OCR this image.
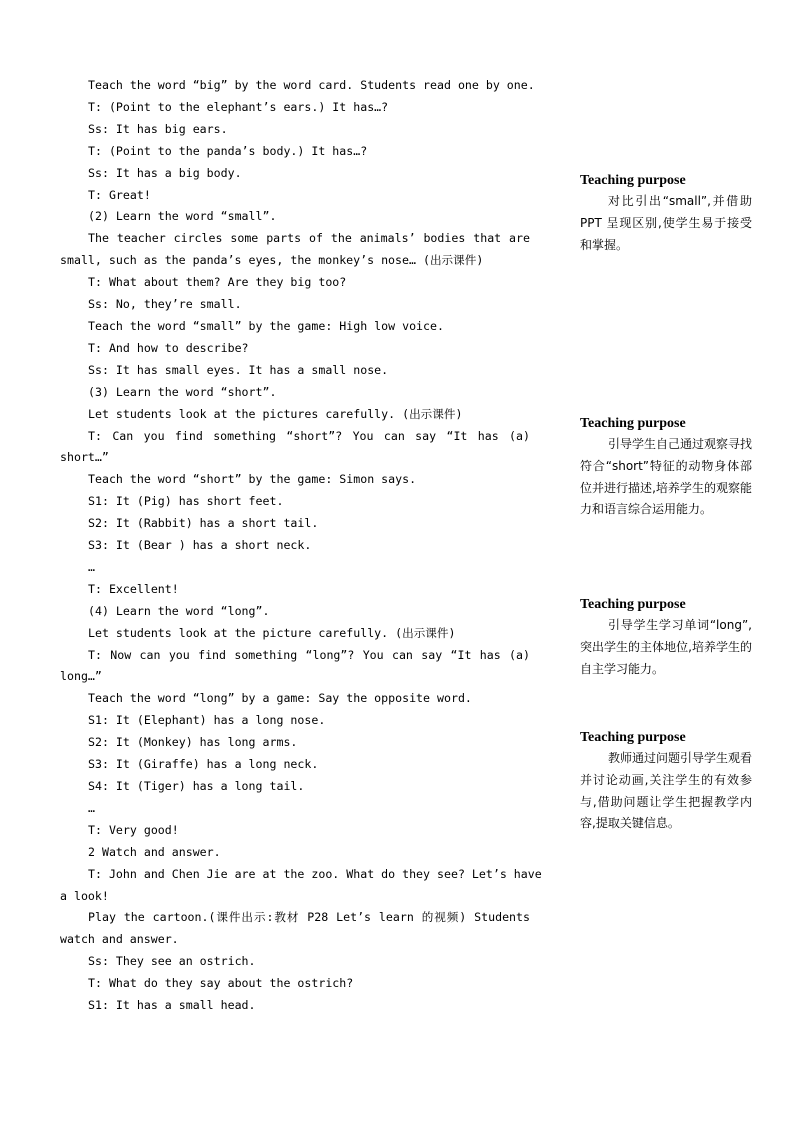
Teach the word “big” by the word card. Students read one by one.
T: (Point to the elephant’s ears.) It has…?
Ss: It has big ears.
T: (Point to the panda’s body.) It has…?
Ss: It has a big body.
T: Great!
(2) Learn the word “small”.
The teacher circles some parts of the animals’ bodies that are
small, such as the panda’s eyes, the monkey’s nose… (出示课件)
T: What about them? Are they big too?
Ss: No, they’re small.
Teach the word “small” by the game: High low voice.
T: And how to describe?
Ss: It has small eyes. It has a small nose.
(3) Learn the word “short”.
Let students look at the pictures carefully. (出示课件)
T: Can you find something “short”? You can say “It has (a)
short…”
Teach the word “short” by the game: Simon says.
S1: It (Pig) has short feet.
S2: It (Rabbit) has a short tail.
S3: It (Bear ) has a short neck.
…
T: Excellent!
(4) Learn the word “long”.
Let students look at the picture carefully. (出示课件)
T: Now can you find something “long”? You can say “It has (a)
long…”
Teach the word “long” by a game: Say the opposite word.
S1: It (Elephant) has a long nose.
S2: It (Monkey) has long arms.
S3: It (Giraffe) has a long neck.
S4: It (Tiger) has a long tail.
…
T: Very good!
2 Watch and answer.
T: John and Chen Jie are at the zoo. What do they see? Let’s have
a look!
Play the cartoon.(课件出示:教材 P28 Let’s learn 的视频) Students
watch and answer.
Ss: They see an ostrich.
T: What do they say about the ostrich?
S1: It has a small head.

Teaching purpose

对比引出“small”,并借助 PPT 呈现区别,使学生易于接受和掌握。

Teaching purpose

引导学生自己通过观察寻找符合“short”特征的动物身体部位并进行描述,培养学生的观察能力和语言综合运用能力。

Teaching purpose

引导学生学习单词“long”,突出学生的主体地位,培养学生的自主学习能力。

Teaching purpose

教师通过问题引导学生观看并讨论动画,关注学生的有效参与,借助问题让学生把握教学内容,提取关键信息。
